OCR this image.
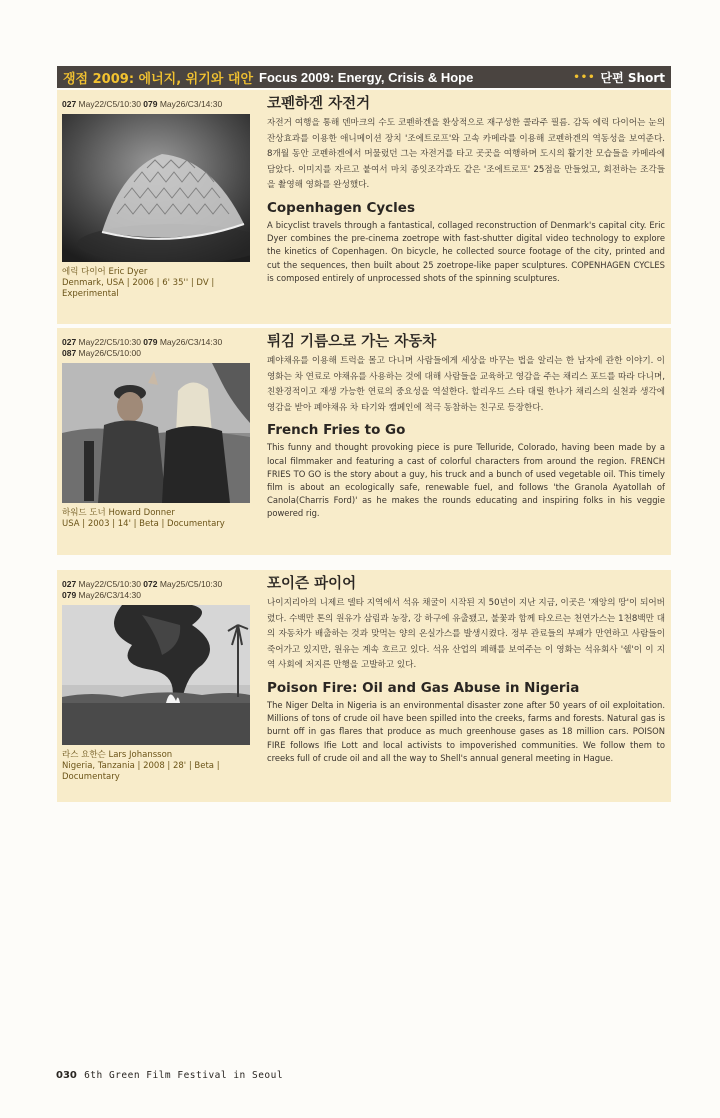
쟁점 2009: 에너지, 위기와 대안 Focus 2009: Energy, Crisis & Hope	••• 단편 Short
027 May22/C5/10:30 079 May26/C3/14:30
에릭 다이어 Eric Dyer
Denmark, USA | 2006 | 6' 35'' | DV |
Experimental
코펜하겐 자전거
자전거 여행을 통해 덴마크의 수도 코펜하겐을 환상적으로 재구성한 콜라주 필름. 감독 에릭 다이어는 눈의 잔상효과를 이용한 애니메이션 장치 '조에트로프'와 고속 카메라를 이용해 코펜하겐의 역동성을 보여준다. 8개월 동안 코펜하겐에서 머물렀던 그는 자전거를 타고 곳곳을 여행하며 도시의 활기찬 모습들을 카메라에 담았다. 이미지를 자르고 붙여서 마치 종잇조각과도 같은 '조에트로프' 25점을 만들었고, 회전하는 조각들을 촬영해 영화를 완성했다.
Copenhagen Cycles
A bicyclist travels through a fantastical, collaged reconstruction of Denmark's capital city. Eric Dyer combines the pre-cinema zoetrope with fast-shutter digital video technology to explore the kinetics of Copenhagen. On bicycle, he collected source footage of the city, printed and cut the sequences, then built about 25 zoetrope-like paper sculptures. COPENHAGEN CYCLES is composed entirely of unprocessed shots of the spinning sculptures.
027 May22/C5/10:30 079 May26/C3/14:30
087 May26/C5/10:00
하워드 도너 Howard Donner
USA | 2003 | 14' | Beta | Documentary
튀김 기름으로 가는 자동차
폐야채유를 이용해 트럭을 몰고 다니며 사람들에게 세상을 바꾸는 법을 알리는 한 남자에 관한 이야기. 이 영화는 차 연료로 야채유를 사용하는 것에 대해 사람들을 교육하고 영감을 주는 채리스 포드를 따라 다니며, 친환경적이고 재생 가능한 연료의 중요성을 역설한다. 할리우드 스타 대릴 한나가 채리스의 실천과 생각에 영감을 받아 폐야채유 차 타기와 캠페인에 적극 동참하는 친구로 등장한다.
French Fries to Go
This funny and thought provoking piece is pure Telluride, Colorado, having been made by a local filmmaker and featuring a cast of colorful characters from around the region. FRENCH FRIES TO GO is the story about a guy, his truck and a bunch of used vegetable oil. This timely film is about an ecologically safe, renewable fuel, and follows 'the Granola Ayatollah of Canola(Charris Ford)' as he makes the rounds educating and inspiring folks in his veggie powered rig.
027 May22/C5/10:30 072 May25/C5/10:30
079 May26/C3/14:30
라스 요한슨 Lars Johansson
Nigeria, Tanzania | 2008 | 28' | Beta |
Documentary
포이즌 파이어
나이지리아의 니제르 델타 지역에서 석유 채굴이 시작된 지 50년이 지난 지금, 이곳은 '재앙의 땅'이 되어버렸다. 수백만 톤의 원유가 삼림과 농장, 강 하구에 유출됐고, 불꽃과 함께 타오르는 천연가스는 1천8백만 대의 자동차가 배출하는 것과 맞먹는 양의 온실가스를 발생시켰다. 정부 관료들의 부패가 만연하고 사람들이 죽어가고 있지만, 원유는 계속 흐르고 있다. 석유 산업의 폐해를 보여주는 이 영화는 석유회사 '쉘'이 이 지역 사회에 저지른 만행을 고발하고 있다.
Poison Fire: Oil and Gas Abuse in Nigeria
The Niger Delta in Nigeria is an environmental disaster zone after 50 years of oil exploitation. Millions of tons of crude oil have been spilled into the creeks, farms and forests. Natural gas is burnt off in gas flares that produce as much greenhouse gases as 18 million cars. POISON FIRE follows Ifie Lott and local activists to impoverished communities. We follow them to creeks full of crude oil and all the way to Shell's annual general meeting in Hague.
030 6th Green Film Festival in Seoul
